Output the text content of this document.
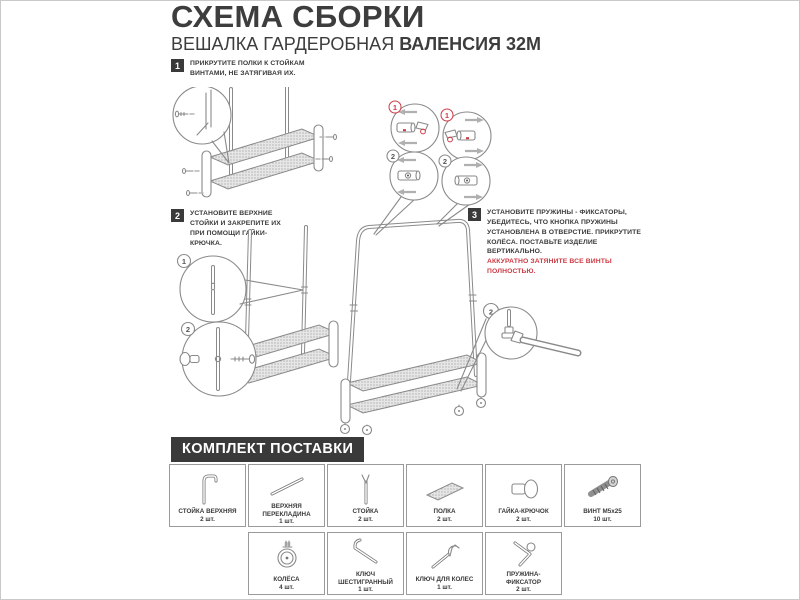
СХЕМА СБОРКИ
ВЕШАЛКА ГАРДЕРОБНАЯ ВАЛЕНСИЯ 32М
1	ПРИКРУТИТЕ ПОЛКИ К СТОЙКАМ ВИНТАМИ, НЕ ЗАТЯГИВАЯ ИХ.
2	УСТАНОВИТЕ ВЕРХНИЕ СТОЙКИ И ЗАКРЕПИТЕ ИХ ПРИ ПОМОЩИ ГАЙКИ-КРЮЧКА.
3	УСТАНОВИТЕ ПРУЖИНЫ - ФИКСАТОРЫ, УБЕДИТЕСЬ, ЧТО КНОПКА ПРУЖИНЫ УСТАНОВЛЕНА В ОТВЕРСТИЕ. ПРИКРУТИТЕ КОЛЁСА. ПОСТАВЬТЕ ИЗДЕЛИЕ ВЕРТИКАЛЬНО.
АККУРАТНО ЗАТЯНИТЕ ВСЕ ВИНТЫ ПОЛНОСТЬЮ.
1
2
2
1
2
1
2
КОМПЛЕКТ ПОСТАВКИ
СТОЙКА ВЕРХНЯЯ
2 шт.
ВЕРХНЯЯ ПЕРЕКЛАДИНА
1 шт.
СТОЙКА
2 шт.
ПОЛКА
2 шт.
ГАЙКА-КРЮЧОК
2 шт.
ВИНТ М5х25
10 шт.
КОЛЁСА
4 шт.
КЛЮЧ ШЕСТИГРАННЫЙ
1 шт.
КЛЮЧ ДЛЯ КОЛЕС
1 шт.
ПРУЖИНА-ФИКСАТОР
2 шт.
